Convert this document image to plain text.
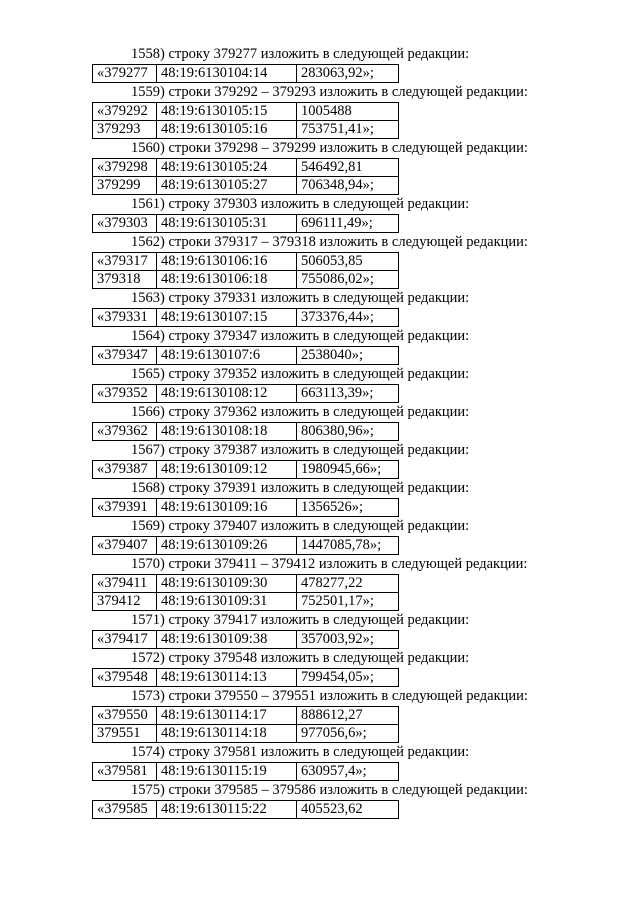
1558) строку 379277 изложить в следующей редакции:
«379277	48:19:6130104:14	283063,92»;
1559) строки 379292 – 379293 изложить в следующей редакции:
«379292	48:19:6130105:15	1005488
379293	48:19:6130105:16	753751,41»;
1560) строки 379298 – 379299 изложить в следующей редакции:
«379298	48:19:6130105:24	546492,81
379299	48:19:6130105:27	706348,94»;
1561) строку 379303 изложить в следующей редакции:
«379303	48:19:6130105:31	696111,49»;
1562) строки 379317 – 379318 изложить в следующей редакции:
«379317	48:19:6130106:16	506053,85
379318	48:19:6130106:18	755086,02»;
1563) строку 379331 изложить в следующей редакции:
«379331	48:19:6130107:15	373376,44»;
1564) строку 379347 изложить в следующей редакции:
«379347	48:19:6130107:6	2538040»;
1565) строку 379352 изложить в следующей редакции:
«379352	48:19:6130108:12	663113,39»;
1566) строку 379362 изложить в следующей редакции:
«379362	48:19:6130108:18	806380,96»;
1567) строку 379387 изложить в следующей редакции:
«379387	48:19:6130109:12	1980945,66»;
1568) строку 379391 изложить в следующей редакции:
«379391	48:19:6130109:16	1356526»;
1569) строку 379407 изложить в следующей редакции:
«379407	48:19:6130109:26	1447085,78»;
1570) строки 379411 – 379412 изложить в следующей редакции:
«379411	48:19:6130109:30	478277,22
379412	48:19:6130109:31	752501,17»;
1571) строку 379417 изложить в следующей редакции:
«379417	48:19:6130109:38	357003,92»;
1572) строку 379548 изложить в следующей редакции:
«379548	48:19:6130114:13	799454,05»;
1573) строки 379550 – 379551 изложить в следующей редакции:
«379550	48:19:6130114:17	888612,27
379551	48:19:6130114:18	977056,6»;
1574) строку 379581 изложить в следующей редакции:
«379581	48:19:6130115:19	630957,4»;
1575) строки 379585 – 379586 изложить в следующей редакции:
«379585	48:19:6130115:22	405523,62
